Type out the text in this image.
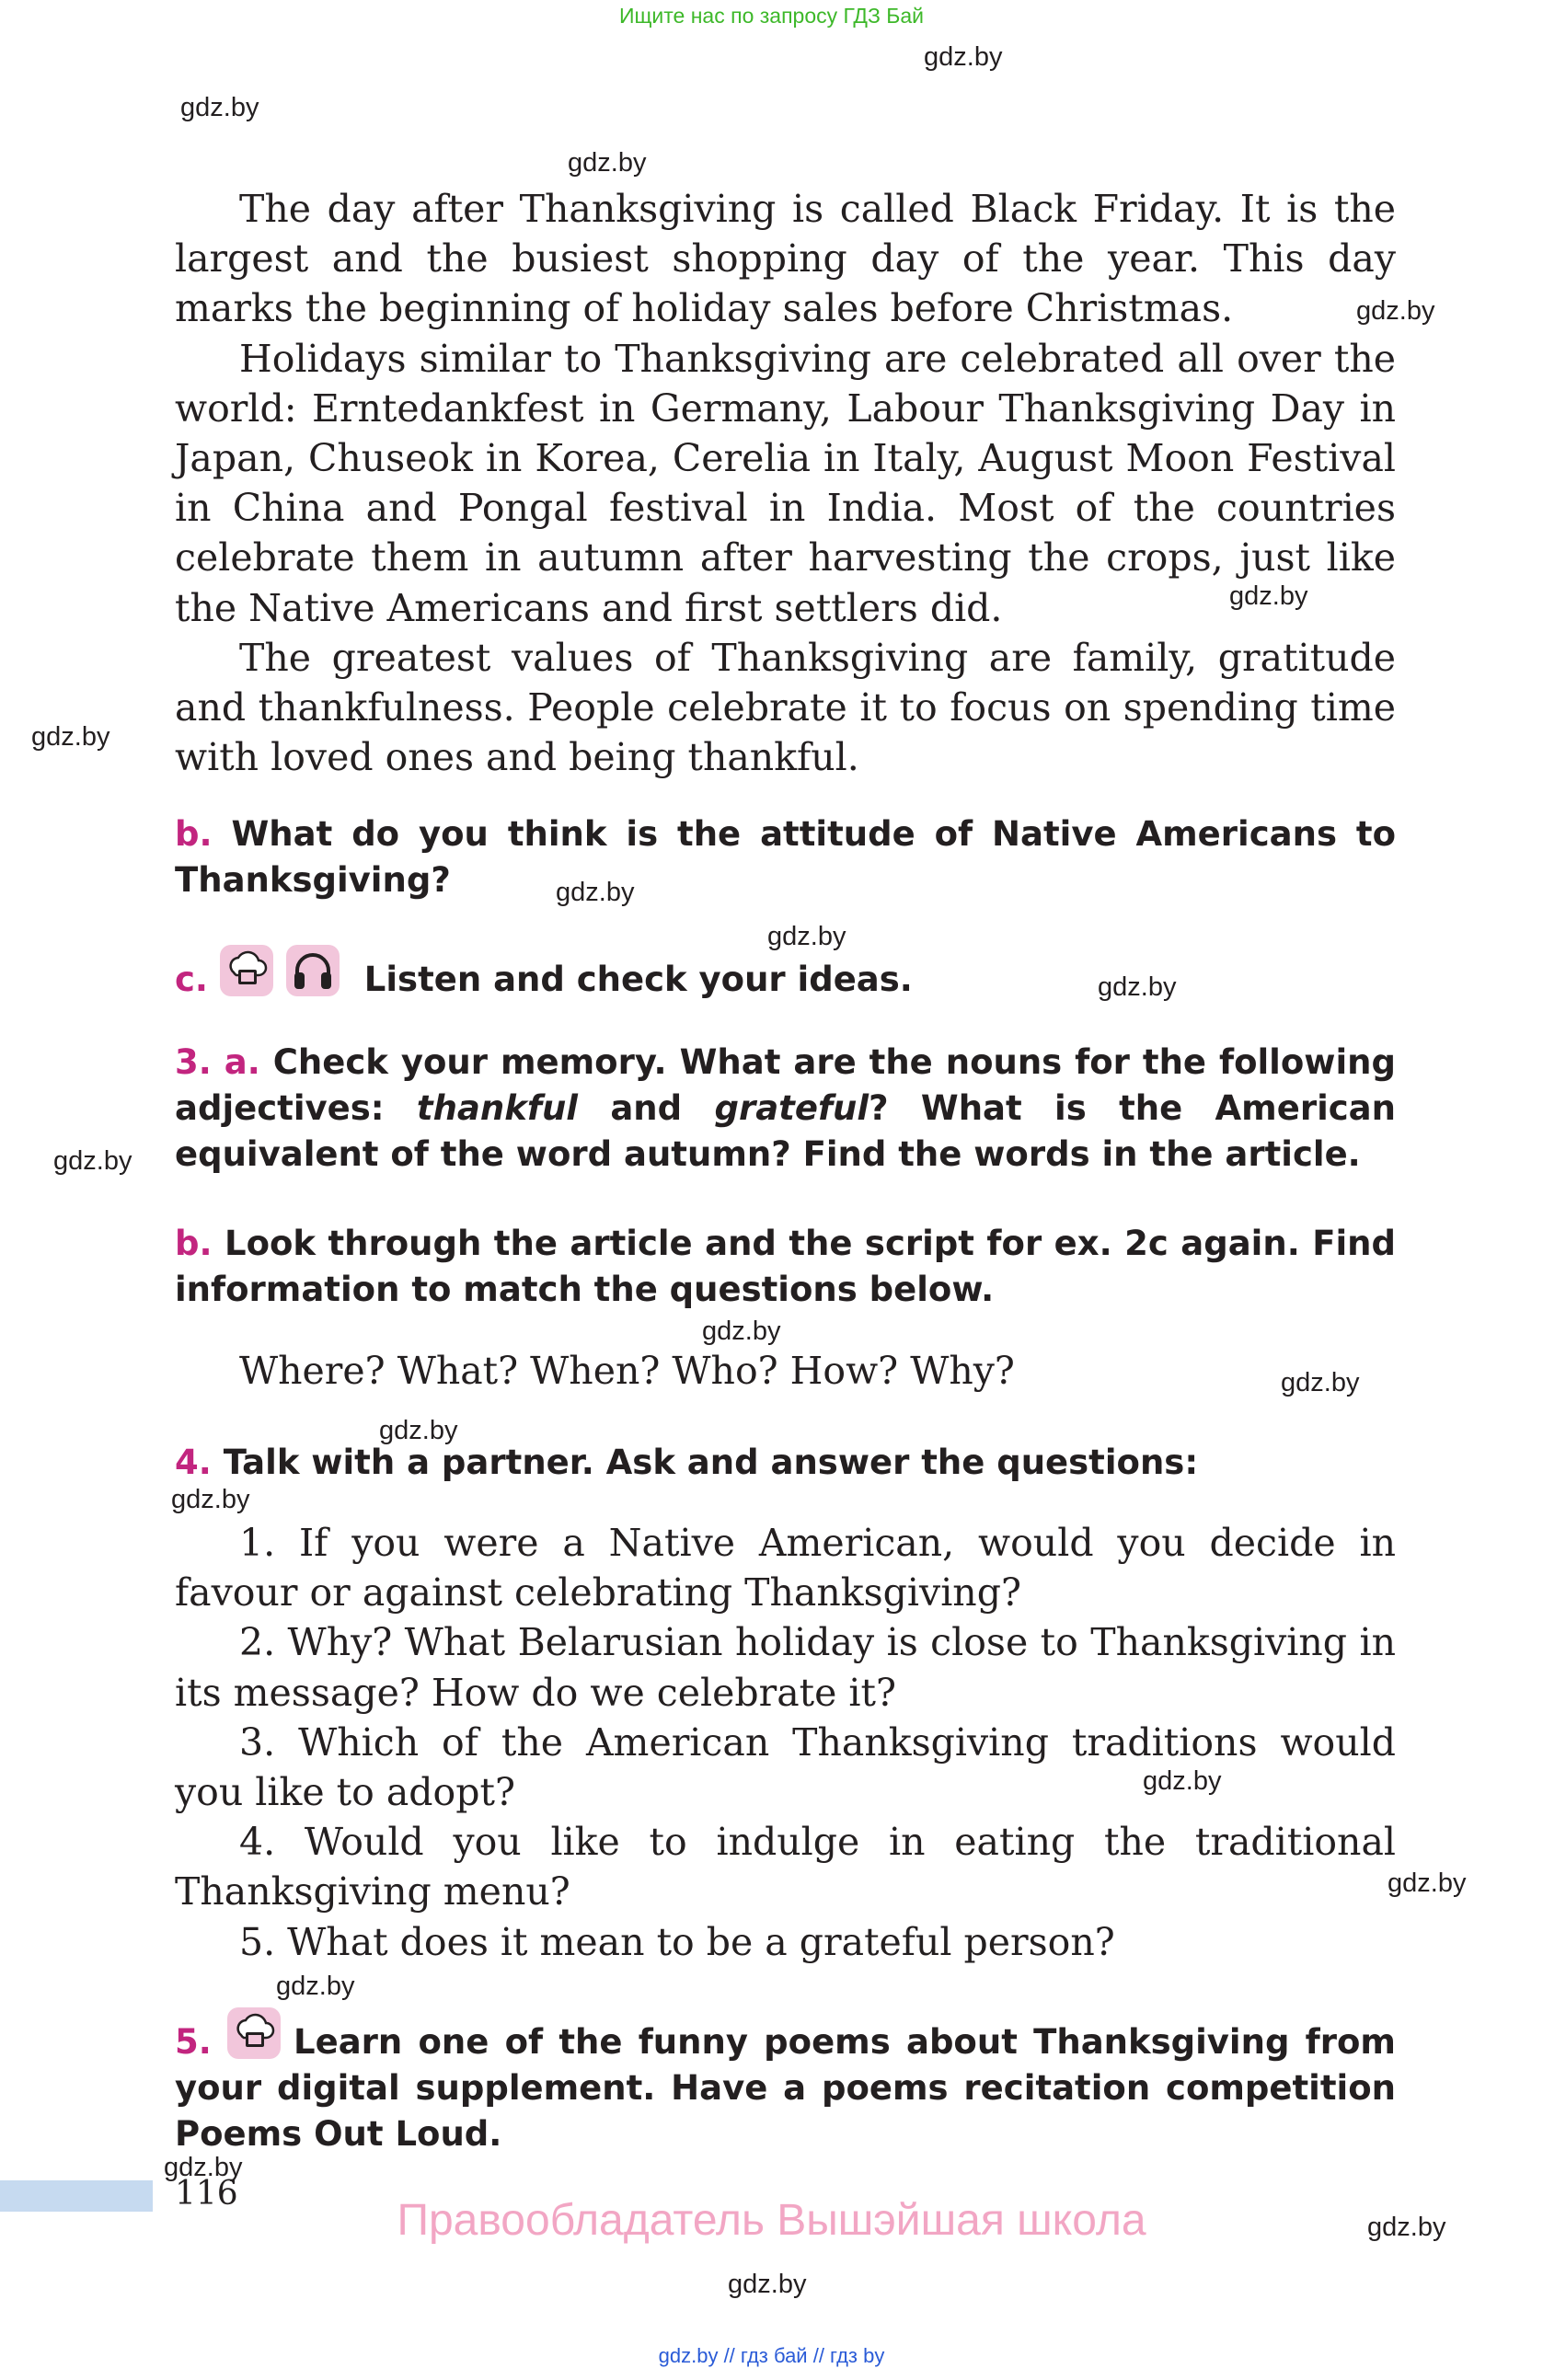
Ищите нас по запросу ГДЗ Бай
gdz.by
gdz.by
gdz.by
gdz.by
gdz.by
gdz.by
gdz.by
gdz.by
gdz.by
gdz.by
gdz.by
gdz.by
gdz.by
gdz.by
gdz.by
gdz.by
gdz.by
gdz.by
gdz.by
gdz.by

The day after Thanksgiving is called Black Friday. It is the largest and the busiest shopping day of the year. This day marks the beginning of holiday sales before Christmas.

Holidays similar to Thanksgiving are celebrated all over the world: Erntedankfest in Germany, Labour Thanksgiving Day in Japan, Chuseok in Korea, Cerelia in Italy, August Moon Festival in China and Pongal festival in India. Most of the countries celebrate them in autumn after harvesting the crops, just like the Native Americans and first settlers did.

The greatest values of Thanksgiving are family, gratitude and thankfulness. People celebrate it to focus on spending time with loved ones and being thankful.

b. What do you think is the attitude of Native Americans to Thanksgiving?
c.	Listen and check your ideas.
3. a. Check your memory. What are the nouns for the following adjectives: thankful and grateful? What is the American equivalent of the word autumn? Find the words in the article.
b. Look through the article and the script for ex. 2c again. Find information to match the questions below.
Where? What? When? Who? How? Why?
4. Talk with a partner. Ask and answer the questions:

1. If you were a Native American, would you decide in favour or against celebrating Thanksgiving?

2. Why? What Belarusian holiday is close to Thanksgiving in its message? How do we celebrate it?

3. Which of the American Thanksgiving traditions would you like to adopt?

4. Would you like to indulge in eating the traditional Thanksgiving menu?

5. What does it mean to be a grateful person?

5. Learn one of the funny poems about Thanksgiving from your digital supplement. Have a poems recitation competition Poems Out Loud.
116
Правообладатель Вышэйшая школа
gdz.by // гдз бай // гдз by
